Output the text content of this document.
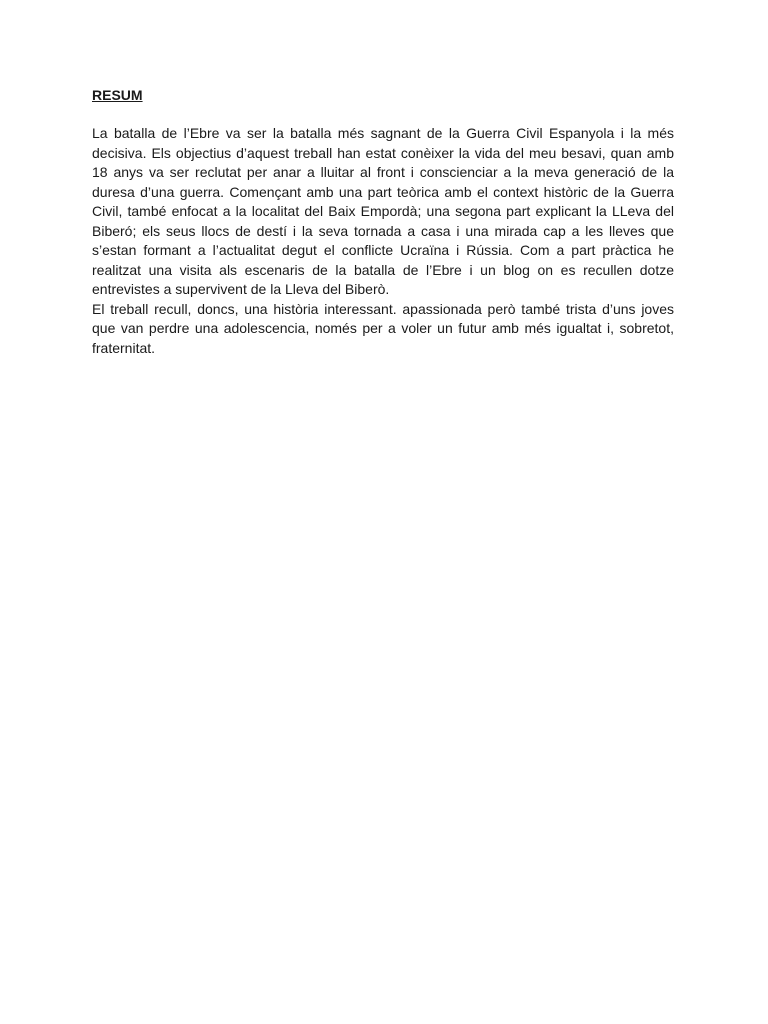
RESUM

La batalla de l’Ebre va ser la batalla més sagnant de la Guerra Civil Espanyola i la més decisiva. Els objectius d’aquest treball han estat conèixer la vida del meu besavi, quan amb 18 anys va ser reclutat per anar a lluitar al front i conscienciar a la meva generació de la duresa d’una guerra. Començant amb una part teòrica amb el context històric de la Guerra Civil, també enfocat a la localitat del Baix Empordà; una segona part explicant la LLeva del Biberó; els seus llocs de destí i la seva tornada a casa i una mirada cap a les lleves que s’estan formant a l’actualitat degut el conflicte Ucraïna i Rússia. Com a part pràctica he realitzat una visita als escenaris de la batalla de l’Ebre i un blog on es recullen dotze entrevistes a supervivent de la Lleva del Biberò.

El treball recull, doncs, una història interessant. apassionada però també trista d’uns joves que van perdre una adolescencia, només per a voler un futur amb més igualtat i, sobretot, fraternitat.
